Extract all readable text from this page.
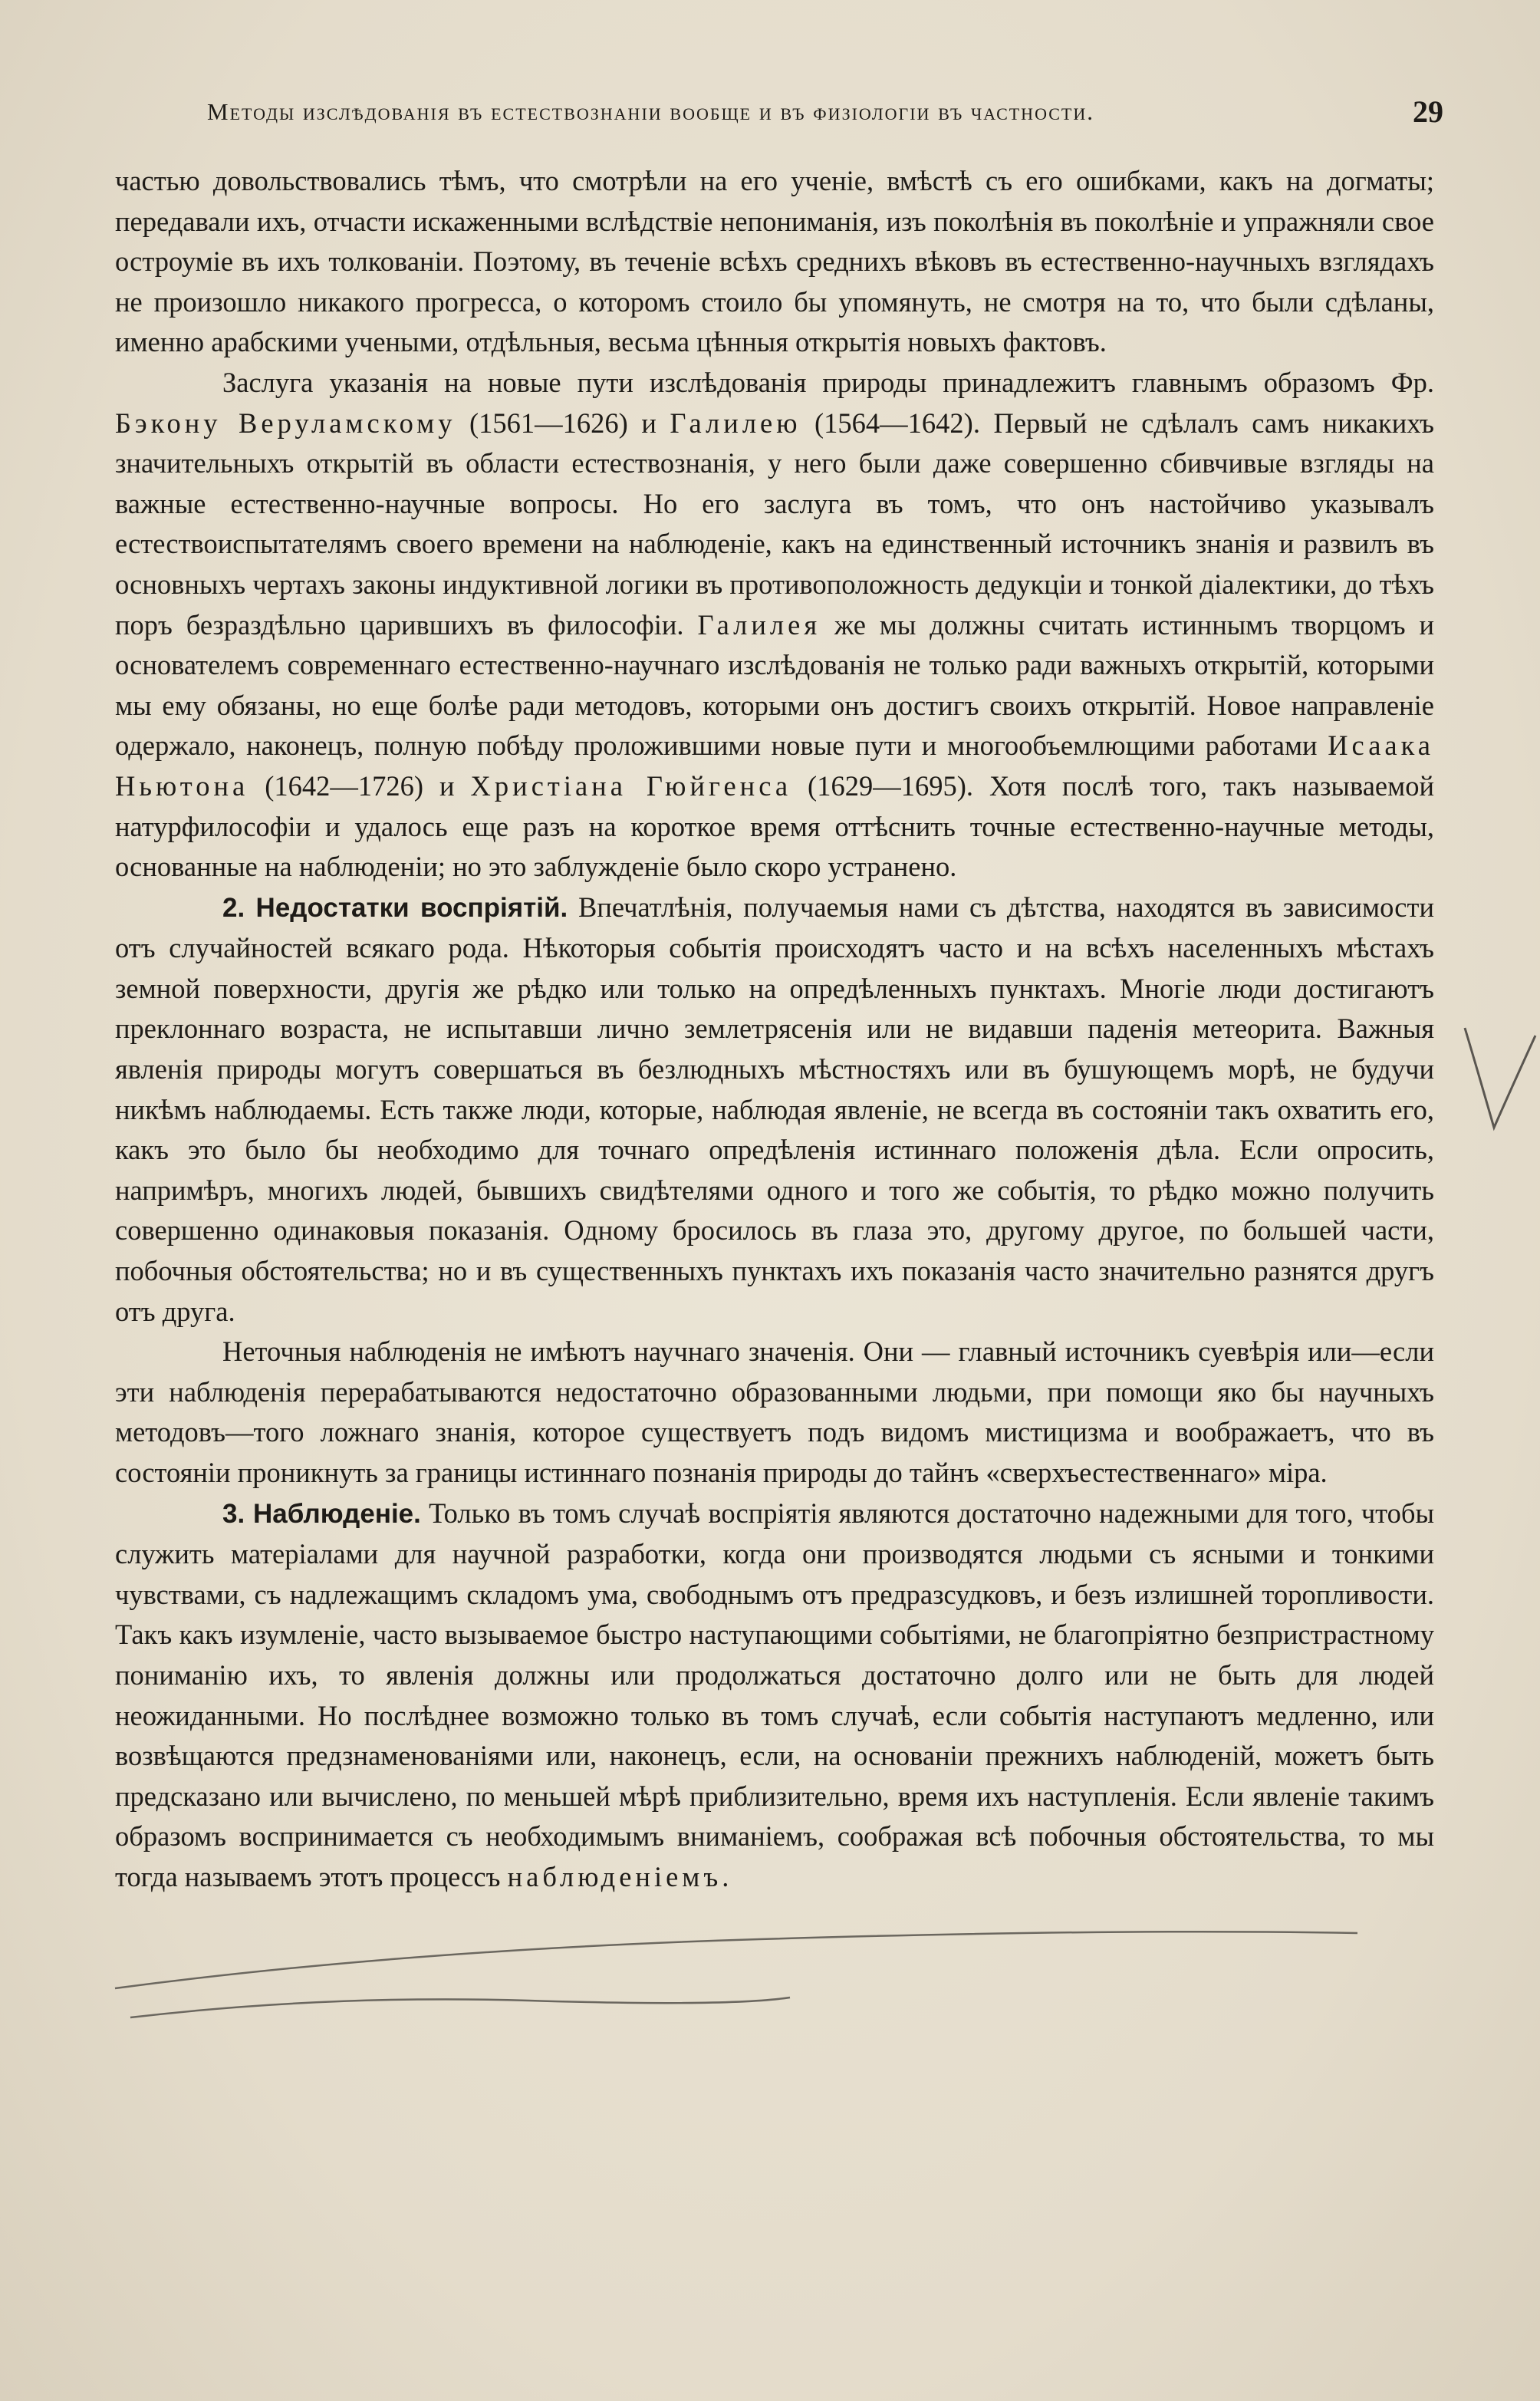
Методы изслѣдованія въ естествознаніи вообще и въ физіологіи въ частности.	29

частью довольствовались тѣмъ, что смотрѣли на его ученіе, вмѣстѣ съ его ошибками, какъ на догматы; передавали ихъ, отчасти искаженными вслѣдствіе непониманія, изъ поколѣнія въ поколѣніе и упражняли свое остроуміе въ ихъ толкованіи. Поэтому, въ теченіе всѣхъ среднихъ вѣковъ въ естественно-научныхъ взглядахъ не произошло никакого прогресса, о которомъ стоило бы упомянуть, не смотря на то, что были сдѣланы, именно арабскими учеными, отдѣльныя, весьма цѣнныя открытія новыхъ фактовъ.

Заслуга указанія на новые пути изслѣдованія природы принадлежитъ главнымъ образомъ Фр. Бэкону Веруламскому (1561—1626) и Галилею (1564—1642). Первый не сдѣлалъ самъ никакихъ значительныхъ открытій въ области естествознанія, у него были даже совершенно сбивчивые взгляды на важные естественно-научные вопросы. Но его заслуга въ томъ, что онъ настойчиво указывалъ естествоиспытателямъ своего времени на наблюденіе, какъ на единственный источникъ знанія и развилъ въ основныхъ чертахъ законы индуктивной логики въ противоположность дедукціи и тонкой діалектики, до тѣхъ поръ безраздѣльно царившихъ въ философіи. Галилея же мы должны считать истиннымъ творцомъ и основателемъ современнаго естественно-научнаго изслѣдованія не только ради важныхъ открытій, которыми мы ему обязаны, но еще болѣе ради методовъ, которыми онъ достигъ своихъ открытій. Новое направленіе одержало, наконецъ, полную побѣду проложившими новые пути и многообъемлющими работами Исаака Ньютона (1642—1726) и Христіана Гюйгенса (1629—1695). Хотя послѣ того, такъ называемой натурфилософіи и удалось еще разъ на короткое время оттѣснить точные естественно-научные методы, основанные на наблюденіи; но это заблужденіе было скоро устранено.

2. Недостатки воспріятій. Впечатлѣнія, получаемыя нами съ дѣтства, находятся въ зависимости отъ случайностей всякаго рода. Нѣкоторыя событія происходятъ часто и на всѣхъ населенныхъ мѣстахъ земной поверхности, другія же рѣдко или только на опредѣленныхъ пунктахъ. Многіе люди достигаютъ преклоннаго возраста, не испытавши лично землетрясенія или не видавши паденія метеорита. Важныя явленія природы могутъ совершаться въ безлюдныхъ мѣстностяхъ или въ бушующемъ морѣ, не будучи никѣмъ наблюдаемы. Есть также люди, которые, наблюдая явленіе, не всегда въ состояніи такъ охватить его, какъ это было бы необходимо для точнаго опредѣленія истиннаго положенія дѣла. Если опросить, напримѣръ, многихъ людей, бывшихъ свидѣтелями одного и того же событія, то рѣдко можно получить совершенно одинаковыя показанія. Одному бросилось въ глаза это, другому другое, по большей части, побочныя обстоятельства; но и въ существенныхъ пунктахъ ихъ показанія часто значительно разнятся другъ отъ друга.

Неточныя наблюденія не имѣютъ научнаго значенія. Они — главный источникъ суевѣрія или—если эти наблюденія перерабатываются недостаточно образованными людьми, при помощи яко бы научныхъ методовъ—того ложнаго знанія, которое существуетъ подъ видомъ мистицизма и воображаетъ, что въ состояніи проникнуть за границы истиннаго познанія природы до тайнъ «сверхъестественнаго» міра.

3. Наблюденіе. Только въ томъ случаѣ воспріятія являются достаточно надежными для того, чтобы служить матеріалами для научной разработки, когда они производятся людьми съ ясными и тонкими чувствами, съ надлежащимъ складомъ ума, свободнымъ отъ предразсудковъ, и безъ излишней торопливости. Такъ какъ изумленіе, часто вызываемое быстро наступающими событіями, не благопріятно безпристрастному пониманію ихъ, то явленія должны или продолжаться достаточно долго или не быть для людей неожиданными. Но послѣднее возможно только въ томъ случаѣ, если событія наступаютъ медленно, или возвѣщаются предзнаменованіями или, наконецъ, если, на основаніи прежнихъ наблюденій, можетъ быть предсказано или вычислено, по меньшей мѣрѣ приблизительно, время ихъ наступленія. Если явленіе такимъ образомъ воспринимается съ необходимымъ вниманіемъ, соображая всѣ побочныя обстоятельства, то мы тогда называемъ этотъ процессъ наблюденіемъ.
